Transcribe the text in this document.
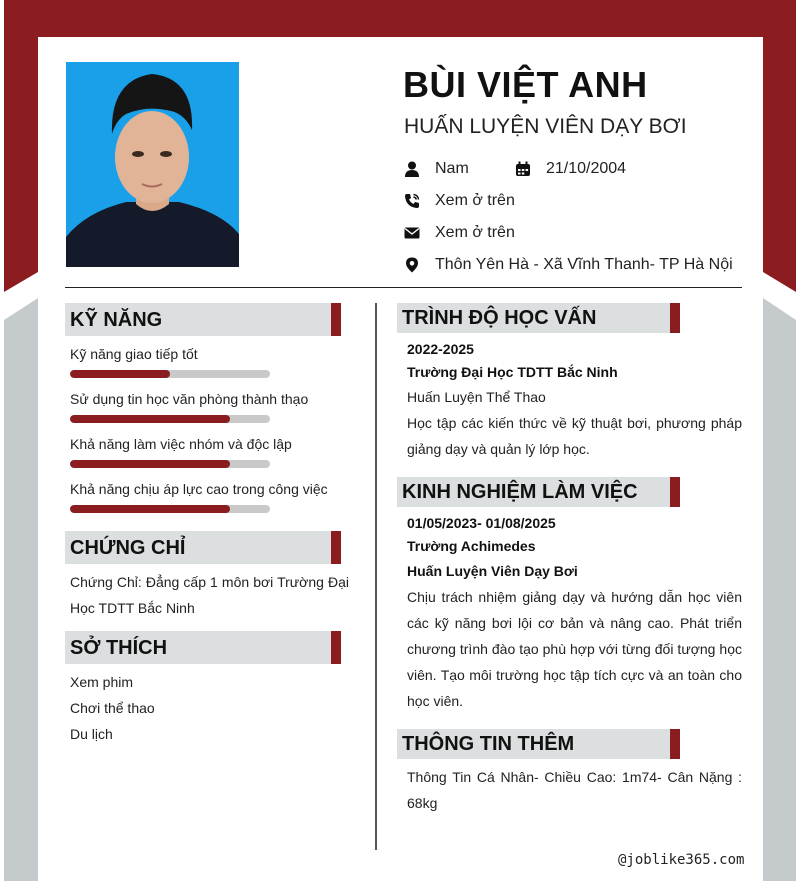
BÙI VIỆT ANH
HUẤN LUYỆN VIÊN DẠY BƠI
Nam	21/10/2004
Xem ở trên
Xem ở trên
Thôn Yên Hà - Xã Vĩnh Thanh- TP Hà Nội
KỸ NĂNG
Kỹ năng giao tiếp tốt
Sử dụng tin học văn phòng thành thạo
Khả năng làm việc nhóm và độc lập
Khả năng chịu áp lực cao trong công việc
CHỨNG CHỈ
Chứng Chỉ: Đẳng cấp 1 môn bơi Trường Đại Học TDTT Bắc Ninh
SỞ THÍCH
Xem phim
Chơi thể thao
Du lịch
TRÌNH ĐỘ HỌC VẤN
2022-2025
Trường Đại Học TDTT Bắc Ninh
Huấn Luyện Thể Thao
Học tập các kiến thức về kỹ thuật bơi, phương pháp giảng dạy và quản lý lớp học.
KINH NGHIỆM LÀM VIỆC
01/05/2023- 01/08/2025
Trường Achimedes
Huấn Luyện Viên Dạy Bơi
Chịu trách nhiệm giảng dạy và hướng dẫn học viên các kỹ năng bơi lội cơ bản và nâng cao. Phát triển chương trình đào tạo phù hợp với từng đối tượng học viên. Tạo môi trường học tập tích cực và an toàn cho học viên.
THÔNG TIN THÊM
Thông Tin Cá Nhân- Chiều Cao: 1m74- Cân Nặng : 68kg
@joblike365.com
